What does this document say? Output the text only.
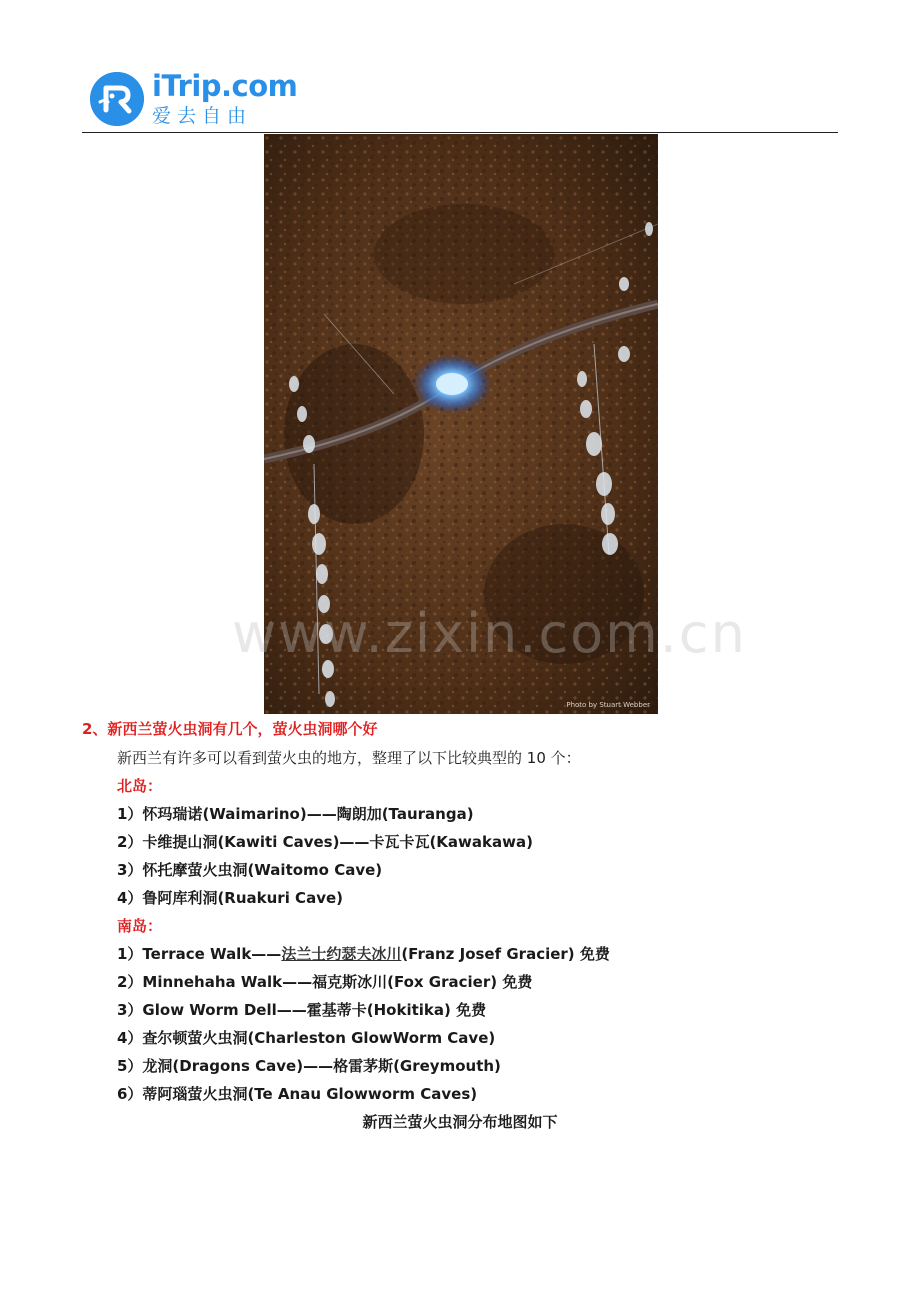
iTrip.com
爱去自由
Photo by Stuart Webber
www.zixin.com.cn
2、新西兰萤火虫洞有几个，萤火虫洞哪个好
新西兰有许多可以看到萤火虫的地方，整理了以下比较典型的 10 个：
北岛：
1）怀玛瑞诺(Waimarino)——陶朗加(Tauranga)
2）卡维提山洞(Kawiti Caves)——卡瓦卡瓦(Kawakawa)
3）怀托摩萤火虫洞(Waitomo Cave)
4）鲁阿库利洞(Ruakuri Cave)
南岛：
1）Terrace Walk——法兰士约瑟夫冰川(Franz Josef Gracier) 免费
2）Minnehaha Walk——福克斯冰川(Fox Gracier) 免费
3）Glow Worm Dell——霍基蒂卡(Hokitika) 免费
4）查尔顿萤火虫洞(Charleston GlowWorm Cave)
5）龙洞(Dragons Cave)——格雷茅斯(Greymouth)
6）蒂阿瑙萤火虫洞(Te Anau Glowworm Caves)
新西兰萤火虫洞分布地图如下
